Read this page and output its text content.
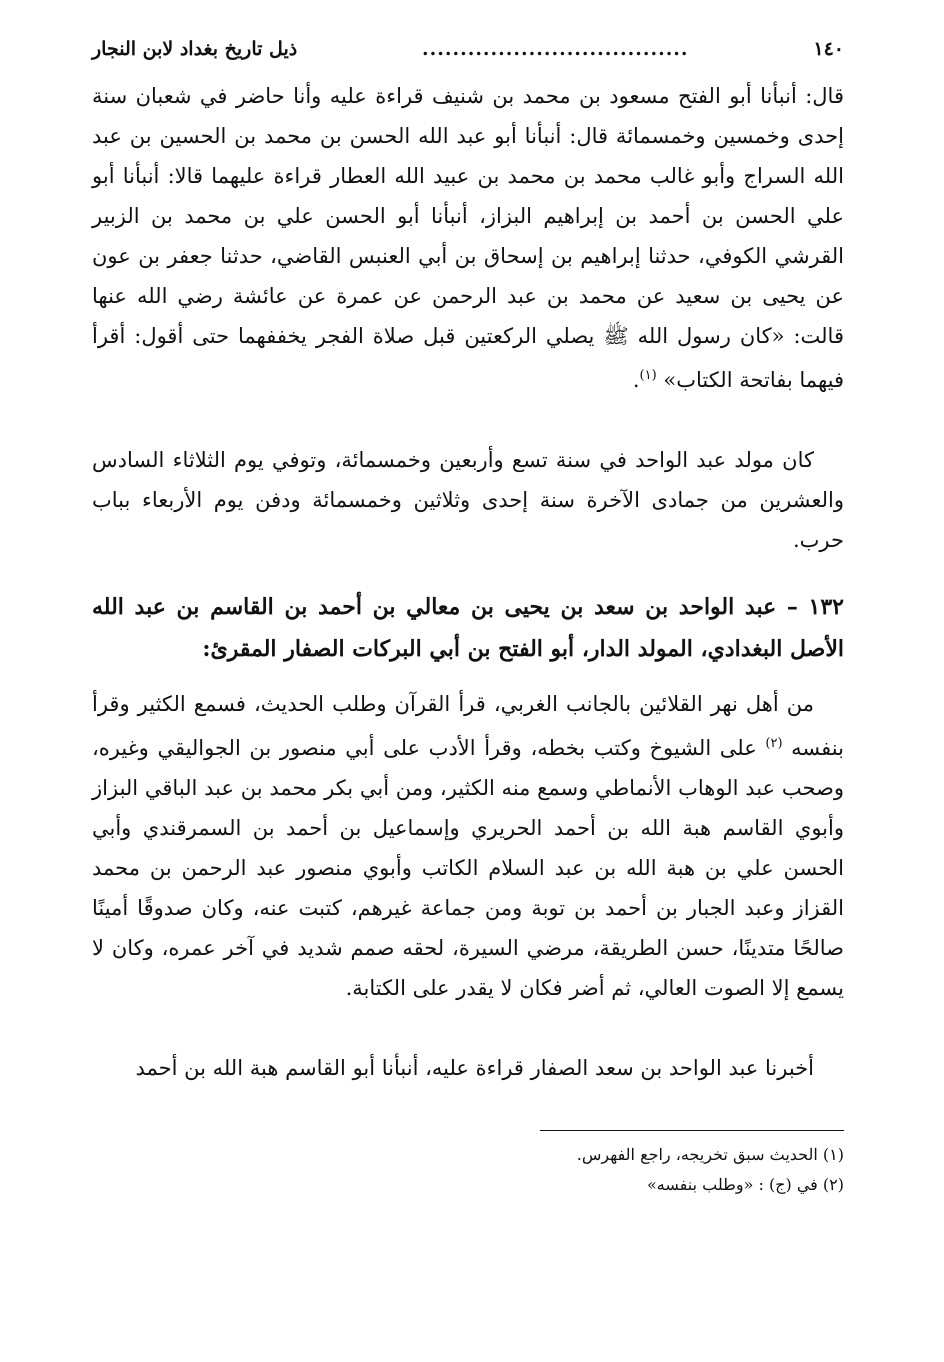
١٤٠
...................................
ذيل تاريخ بغداد لابن النجار
قال: أنبأنا أبو الفتح مسعود بن محمد بن شنيف قراءة عليه وأنا حاضر في شعبان سنة إحدى وخمسين وخمسمائة قال: أنبأنا أبو عبد الله الحسن بن محمد بن الحسين بن عبد الله السراج وأبو غالب محمد بن محمد بن عبيد الله العطار قراءة عليهما قالا: أنبأنا أبو علي الحسن بن أحمد بن إبراهيم البزاز، أنبأنا أبو الحسن علي بن محمد بن الزبير القرشي الكوفي، حدثنا إبراهيم بن إسحاق بن أبي العنبس القاضي، حدثنا جعفر بن عون عن يحيى بن سعيد عن محمد بن عبد الرحمن عن عمرة عن عائشة رضي الله عنها قالت: «كان رسول الله ﷺ يصلي الركعتين قبل صلاة الفجر يخففهما حتى أقول: أقرأ فيهما بفاتحة الكتاب» $^{(١)}$.
كان مولد عبد الواحد في سنة تسع وأربعين وخمسمائة، وتوفي يوم الثلاثاء السادس والعشرين من جمادى الآخرة سنة إحدى وثلاثين وخمسمائة ودفن يوم الأربعاء بباب حرب.
١٣٢ – عبد الواحد بن سعد بن يحيى بن معالي بن أحمد بن القاسم بن عبد الله الأصل البغدادي، المولد الدار، أبو الفتح بن أبي البركات الصفار المقرئ:
من أهل نهر القلائين بالجانب الغربي، قرأ القرآن وطلب الحديث، فسمع الكثير وقرأ بنفسه $^{(٢)}$ على الشيوخ وكتب بخطه، وقرأ الأدب على أبي منصور بن الجواليقي وغيره، وصحب عبد الوهاب الأنماطي وسمع منه الكثير، ومن أبي بكر محمد بن عبد الباقي البزاز وأبوي القاسم هبة الله بن أحمد الحريري وإسماعيل بن أحمد بن السمرقندي وأبي الحسن علي بن هبة الله بن عبد السلام الكاتب وأبوي منصور عبد الرحمن بن محمد القزاز وعبد الجبار بن أحمد بن توبة ومن جماعة غيرهم، كتبت عنه، وكان صدوقًا أمينًا صالحًا متدينًا، حسن الطريقة، مرضي السيرة، لحقه صمم شديد في آخر عمره، وكان لا يسمع إلا الصوت العالي، ثم أضر فكان لا يقدر على الكتابة.
أخبرنا عبد الواحد بن سعد الصفار قراءة عليه، أنبأنا أبو القاسم هبة الله بن أحمد
(١) الحديث سبق تخريجه، راجع الفهرس.
(٢) في (ج) : «وطلب بنفسه»
